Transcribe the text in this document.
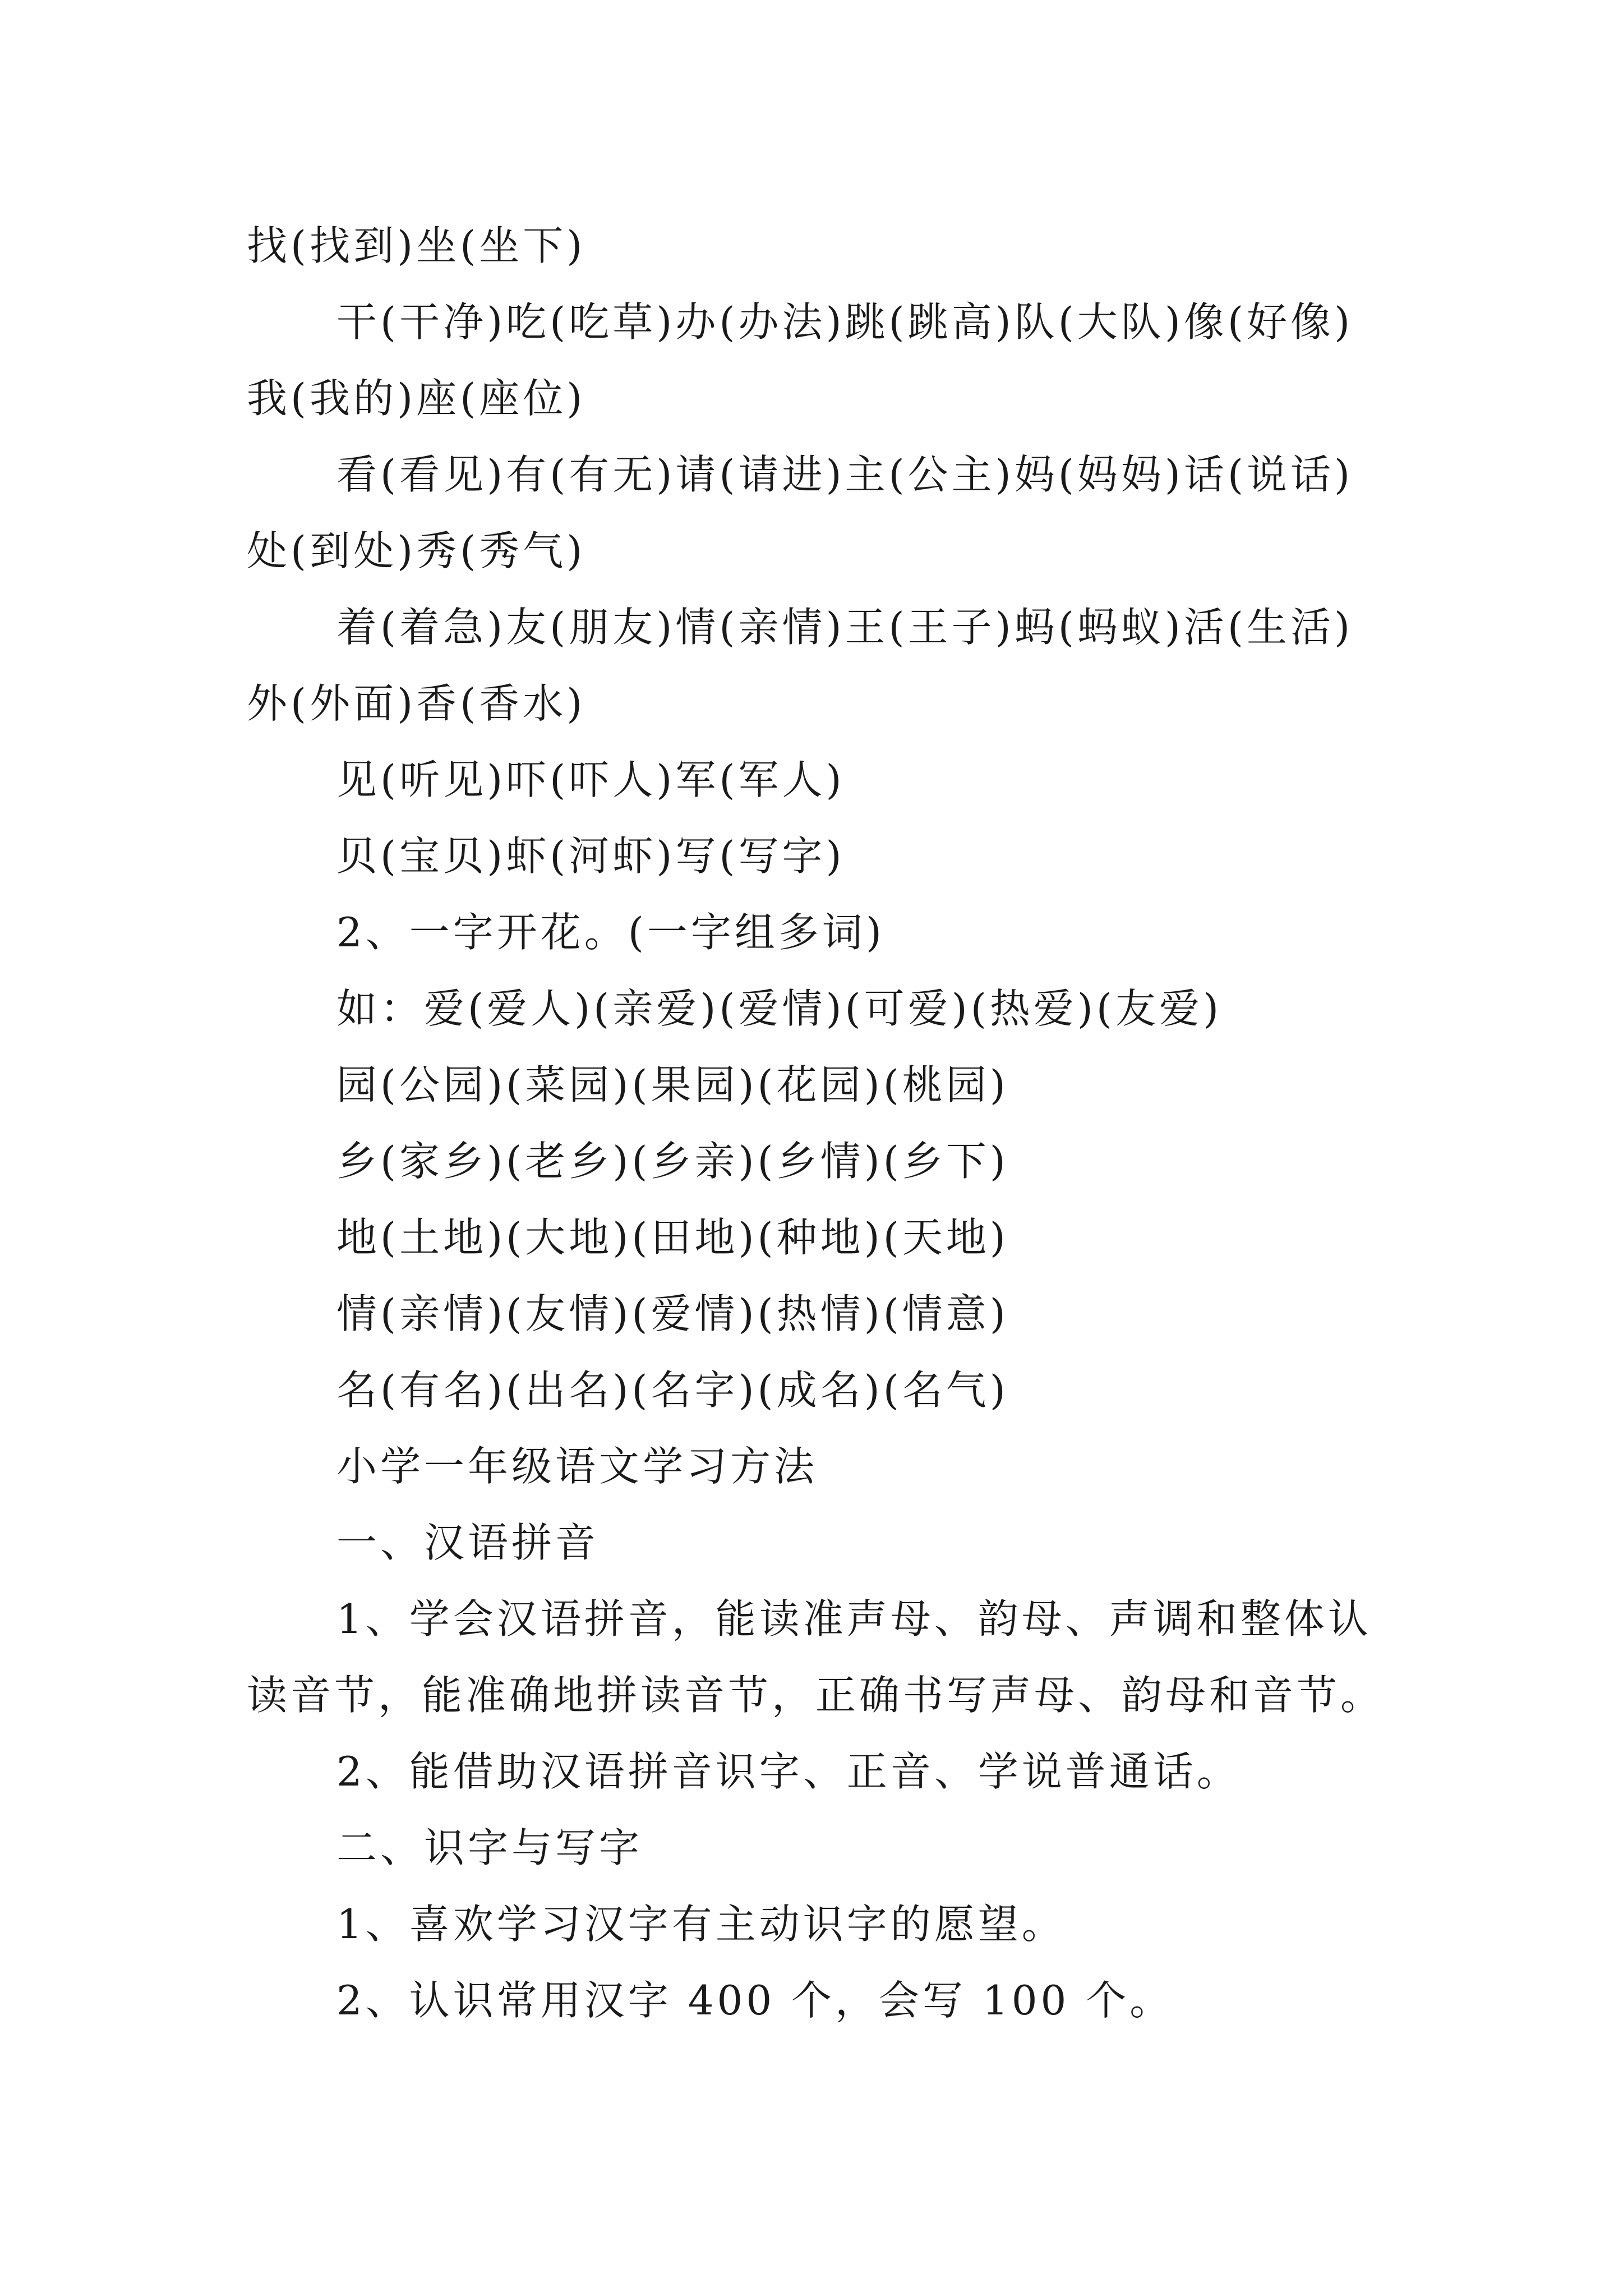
找(找到)坐(坐下)
干(干净)吃(吃草)办(办法)跳(跳高)队(大队)像(好像)
我(我的)座(座位)
看(看见)有(有无)请(请进)主(公主)妈(妈妈)话(说话)
处(到处)秀(秀气)
着(着急)友(朋友)情(亲情)王(王子)蚂(蚂蚁)活(生活)
外(外面)香(香水)
见(听见)吓(吓人)军(军人)
贝(宝贝)虾(河虾)写(写字)
2、一字开花。(一字组多词)
如：爱(爱人)(亲爱)(爱情)(可爱)(热爱)(友爱)
园(公园)(菜园)(果园)(花园)(桃园)
乡(家乡)(老乡)(乡亲)(乡情)(乡下)
地(土地)(大地)(田地)(种地)(天地)
情(亲情)(友情)(爱情)(热情)(情意)
名(有名)(出名)(名字)(成名)(名气)
小学一年级语文学习方法
一、汉语拼音
1、学会汉语拼音，能读准声母、韵母、声调和整体认
读音节，能准确地拼读音节，正确书写声母、韵母和音节。
2、能借助汉语拼音识字、正音、学说普通话。
二、识字与写字
1、喜欢学习汉字有主动识字的愿望。
2、认识常用汉字 400 个，会写 100 个。
